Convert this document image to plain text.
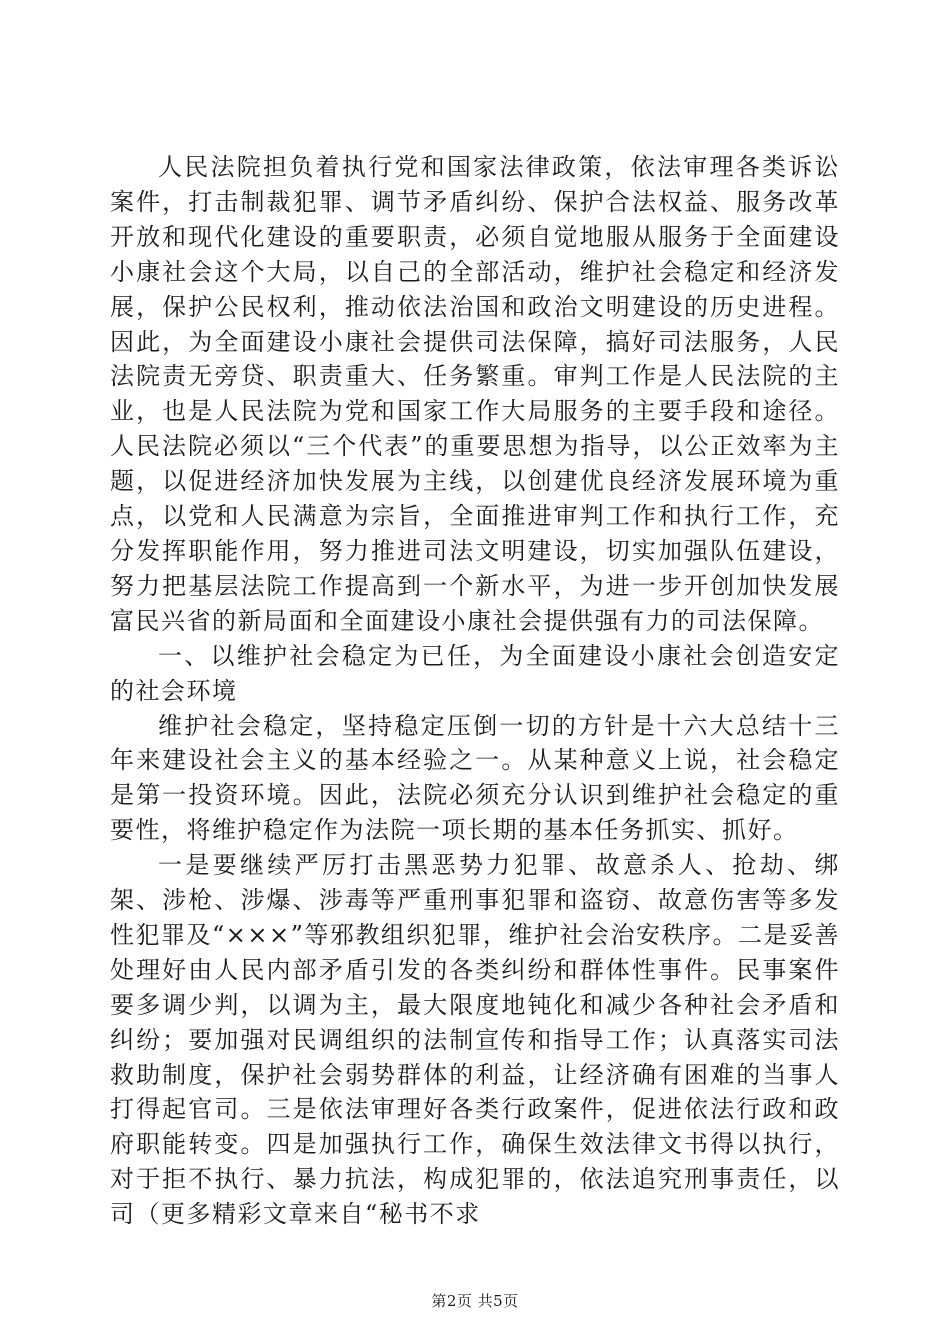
人民法院担负着执行党和国家法律政策，依法审理各类诉讼案件，打击制裁犯罪、调节矛盾纠纷、保护合法权益、服务改革开放和现代化建设的重要职责，必须自觉地服从服务于全面建设小康社会这个大局，以自己的全部活动，维护社会稳定和经济发展，保护公民权利，推动依法治国和政治文明建设的历史进程。因此，为全面建设小康社会提供司法保障，搞好司法服务，人民法院责无旁贷、职责重大、任务繁重。审判工作是人民法院的主业，也是人民法院为党和国家工作大局服务的主要手段和途径。人民法院必须以“三个代表”的重要思想为指导，以公正效率为主题，以促进经济加快发展为主线，以创建优良经济发展环境为重点，以党和人民满意为宗旨，全面推进审判工作和执行工作，充分发挥职能作用，努力推进司法文明建设，切实加强队伍建设，努力把基层法院工作提高到一个新水平，为进一步开创加快发展富民兴省的新局面和全面建设小康社会提供强有力的司法保障。

一、以维护社会稳定为已任，为全面建设小康社会创造安定的社会环境

维护社会稳定，坚持稳定压倒一切的方针是十六大总结十三年来建设社会主义的基本经验之一。从某种意义上说，社会稳定是第一投资环境。因此，法院必须充分认识到维护社会稳定的重要性，将维护稳定作为法院一项长期的基本任务抓实、抓好。

一是要继续严厉打击黑恶势力犯罪、故意杀人、抢劫、绑架、涉枪、涉爆、涉毒等严重刑事犯罪和盗窃、故意伤害等多发性犯罪及“×××”等邪教组织犯罪，维护社会治安秩序。二是妥善处理好由人民内部矛盾引发的各类纠纷和群体性事件。民事案件要多调少判，以调为主，最大限度地钝化和减少各种社会矛盾和纠纷；要加强对民调组织的法制宣传和指导工作；认真落实司法救助制度，保护社会弱势群体的利益，让经济确有困难的当事人打得起官司。三是依法审理好各类行政案件，促进依法行政和政府职能转变。四是加强执行工作，确保生效法律文书得以执行，对于拒不执行、暴力抗法，构成犯罪的，依法追究刑事责任，以司（更多精彩文章来自“秘书不求

第2页 共5页
